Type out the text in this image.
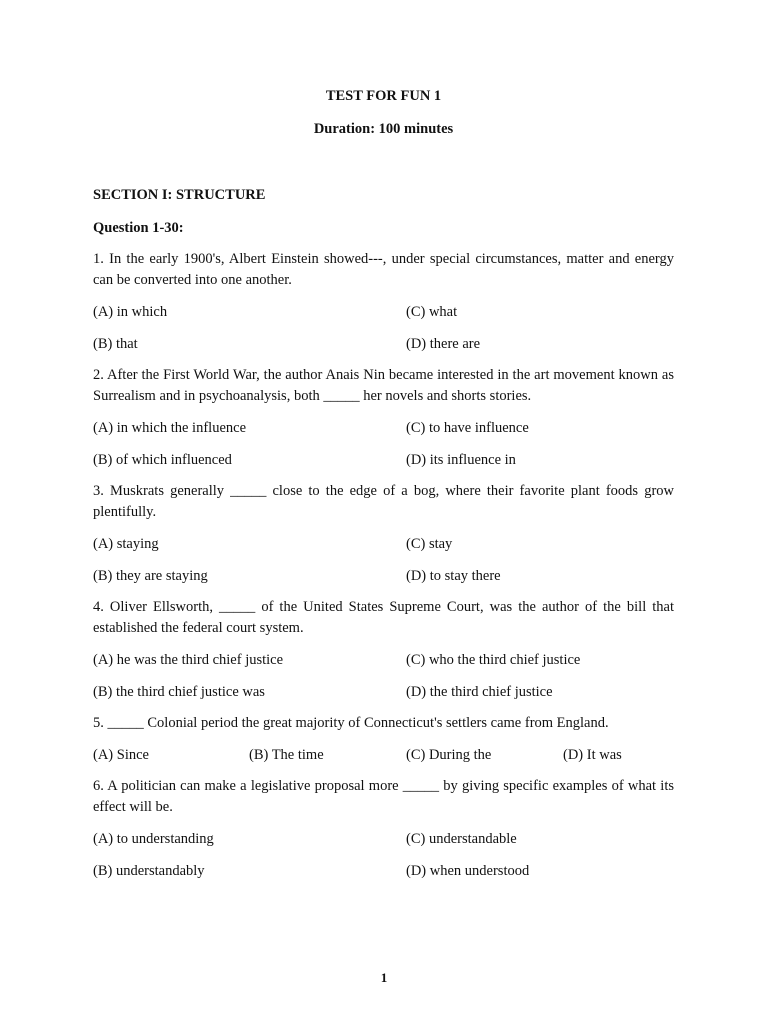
TEST FOR FUN 1
Duration: 100 minutes
SECTION I: STRUCTURE
Question 1-30:
1. In the early 1900's, Albert Einstein showed---, under special circumstances, matter and energy can be converted into one another.
(A) in which	(C) what
(B) that	(D) there are
2. After the First World War, the author Anais Nin became interested in the art movement known as Surrealism and in psychoanalysis, both _____ her novels and shorts stories.
(A) in which the influence	(C) to have influence
(B) of which influenced	(D) its influence in
3. Muskrats generally _____ close to the edge of a bog, where their favorite plant foods grow plentifully.
(A) staying	(C) stay
(B) they are staying	(D) to stay there
4. Oliver Ellsworth, _____ of the United States Supreme Court, was the author of the bill that established the federal court system.
(A) he was the third chief justice	(C) who the third chief justice
(B) the third chief justice was	(D) the third chief justice
5. _____ Colonial period the great majority of Connecticut's settlers came from England.
(A) Since	(B) The time	(C) During the	(D) It was
6. A politician can make a legislative proposal more _____ by giving specific examples of what its effect will be.
(A) to understanding	(C) understandable
(B) understandably	(D) when understood
1
